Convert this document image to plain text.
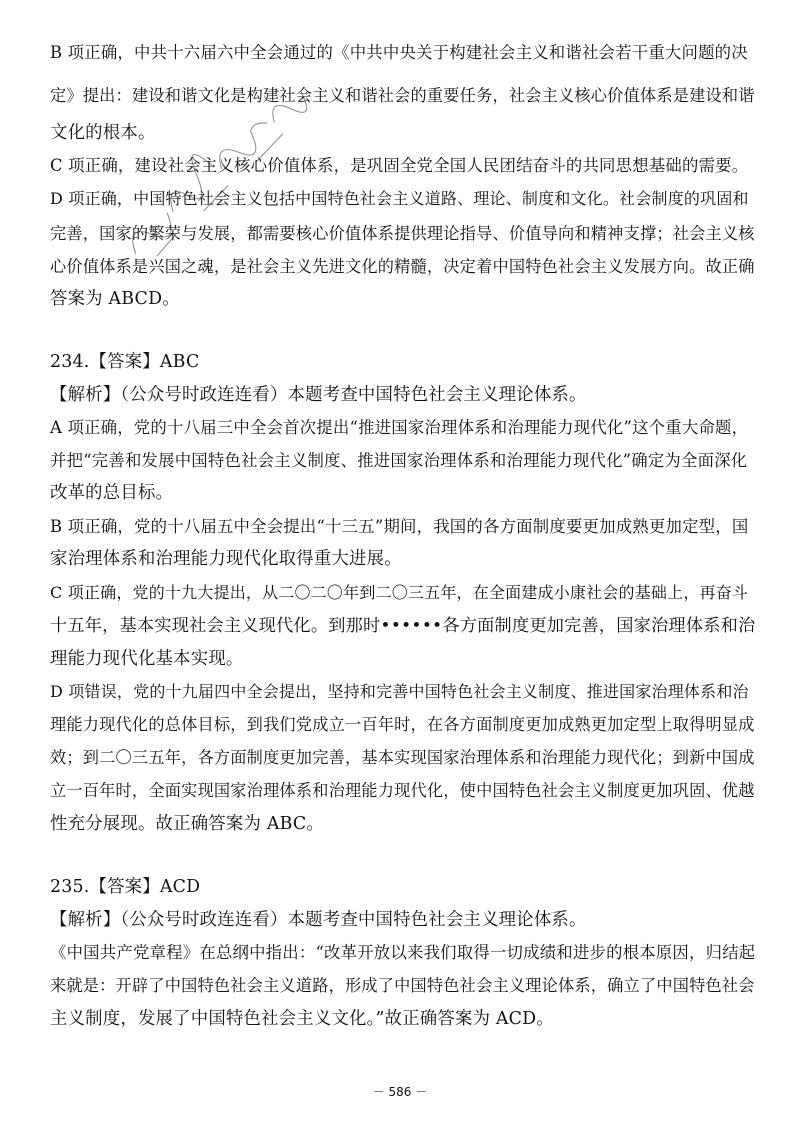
B 项正确，中共十六届六中全会通过的《中共中央关于构建社会主义和谐社会若干重大问题的决
定》提出：建设和谐文化是构建社会主义和谐社会的重要任务，社会主义核心价值体系是建设和谐
文化的根本。
C 项正确，建设社会主义核心价值体系，是巩固全党全国人民团结奋斗的共同思想基础的需要。
D 项正确，中国特色社会主义包括中国特色社会主义道路、理论、制度和文化。社会制度的巩固和
完善，国家的繁荣与发展，都需要核心价值体系提供理论指导、价值导向和精神支撑；社会主义核
心价值体系是兴国之魂，是社会主义先进文化的精髓，决定着中国特色社会主义发展方向。故正确
答案为 ABCD。
234.【答案】ABC
【解析】（公众号时政连连看）本题考查中国特色社会主义理论体系。
A 项正确，党的十八届三中全会首次提出“推进国家治理体系和治理能力现代化”这个重大命题，
并把“完善和发展中国特色社会主义制度、推进国家治理体系和治理能力现代化”确定为全面深化
改革的总目标。
B 项正确，党的十八届五中全会提出“十三五”期间，我国的各方面制度要更加成熟更加定型，国
家治理体系和治理能力现代化取得重大进展。
C 项正确，党的十九大提出，从二〇二〇年到二〇三五年，在全面建成小康社会的基础上，再奋斗
十五年，基本实现社会主义现代化。到那时••••••各方面制度更加完善，国家治理体系和治
理能力现代化基本实现。
D 项错误，党的十九届四中全会提出，坚持和完善中国特色社会主义制度、推进国家治理体系和治
理能力现代化的总体目标，到我们党成立一百年时，在各方面制度更加成熟更加定型上取得明显成
效；到二〇三五年，各方面制度更加完善，基本实现国家治理体系和治理能力现代化；到新中国成
立一百年时，全面实现国家治理体系和治理能力现代化，使中国特色社会主义制度更加巩固、优越
性充分展现。故正确答案为 ABC。
235.【答案】ACD
【解析】（公众号时政连连看）本题考查中国特色社会主义理论体系。
《中国共产党章程》在总纲中指出：“改革开放以来我们取得一切成绩和进步的根本原因，归结起
来就是：开辟了中国特色社会主义道路，形成了中国特色社会主义理论体系，确立了中国特色社会
主义制度，发展了中国特色社会主义文化。”故正确答案为 ACD。
－ 586 －
